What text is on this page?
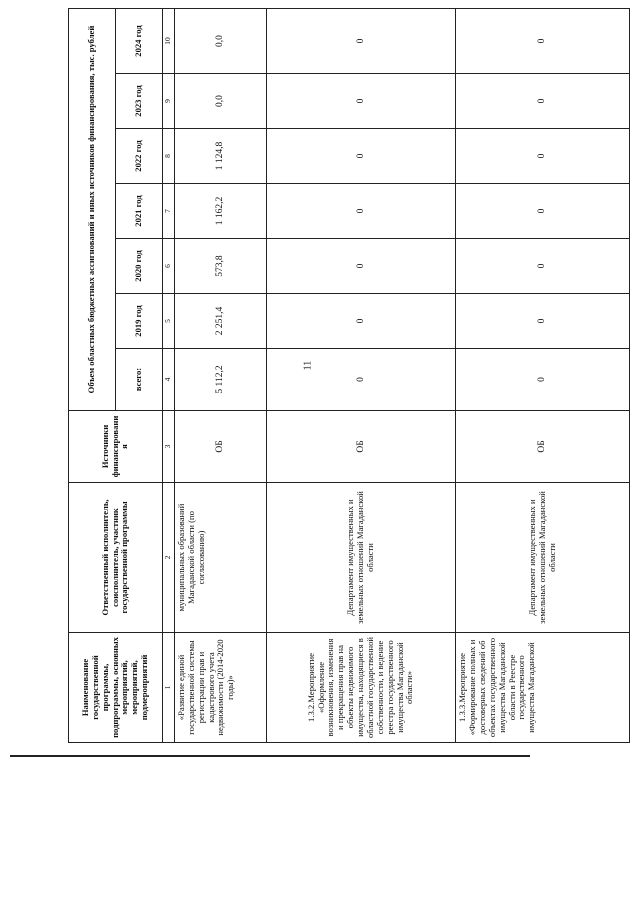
11
Наименование государственной программы, подпрограммы, основных мероприятий, мероприятий, подмероприятий	Ответственный исполнитель, соисполнитель, участник государственной программы	Источники финансирования	Объем областных бюджетных ассигнований и иных источников финансирования, тыс. рублей						
			всего:	2019 год	2020 год	2021 год	2022 год	2023 год	2024 год
1	2	3	4	5	6	7	8	9	10
«Развитие единой государственной системы регистрации прав и кадастрового учета недвижимости (2014-2020 годы)»	муниципальных образований Магаданской области (по согласованию)	ОБ	5 112,2	2 251,4	573,8	1 162,2	1 124,8	0,0	0,0
1.3.2.Мероприятие «Оформление возникновения, изменения и прекращения прав на объекты недвижимого имущества, находящиеся в областной государственной собственности, и ведение реестра государственного имущества Магаданской области»	Департамент имущественных и земельных отношений Магаданской области	ОБ	0	0	0	0	0	0	0
1.3.3.Мероприятие «Формирование полных и достоверных сведений об объектах государственного имущества Магаданской области в Реестре государственного имущества Магаданской	Департамент имущественных и земельных отношений Магаданской области	ОБ	0	0	0	0	0	0	0
